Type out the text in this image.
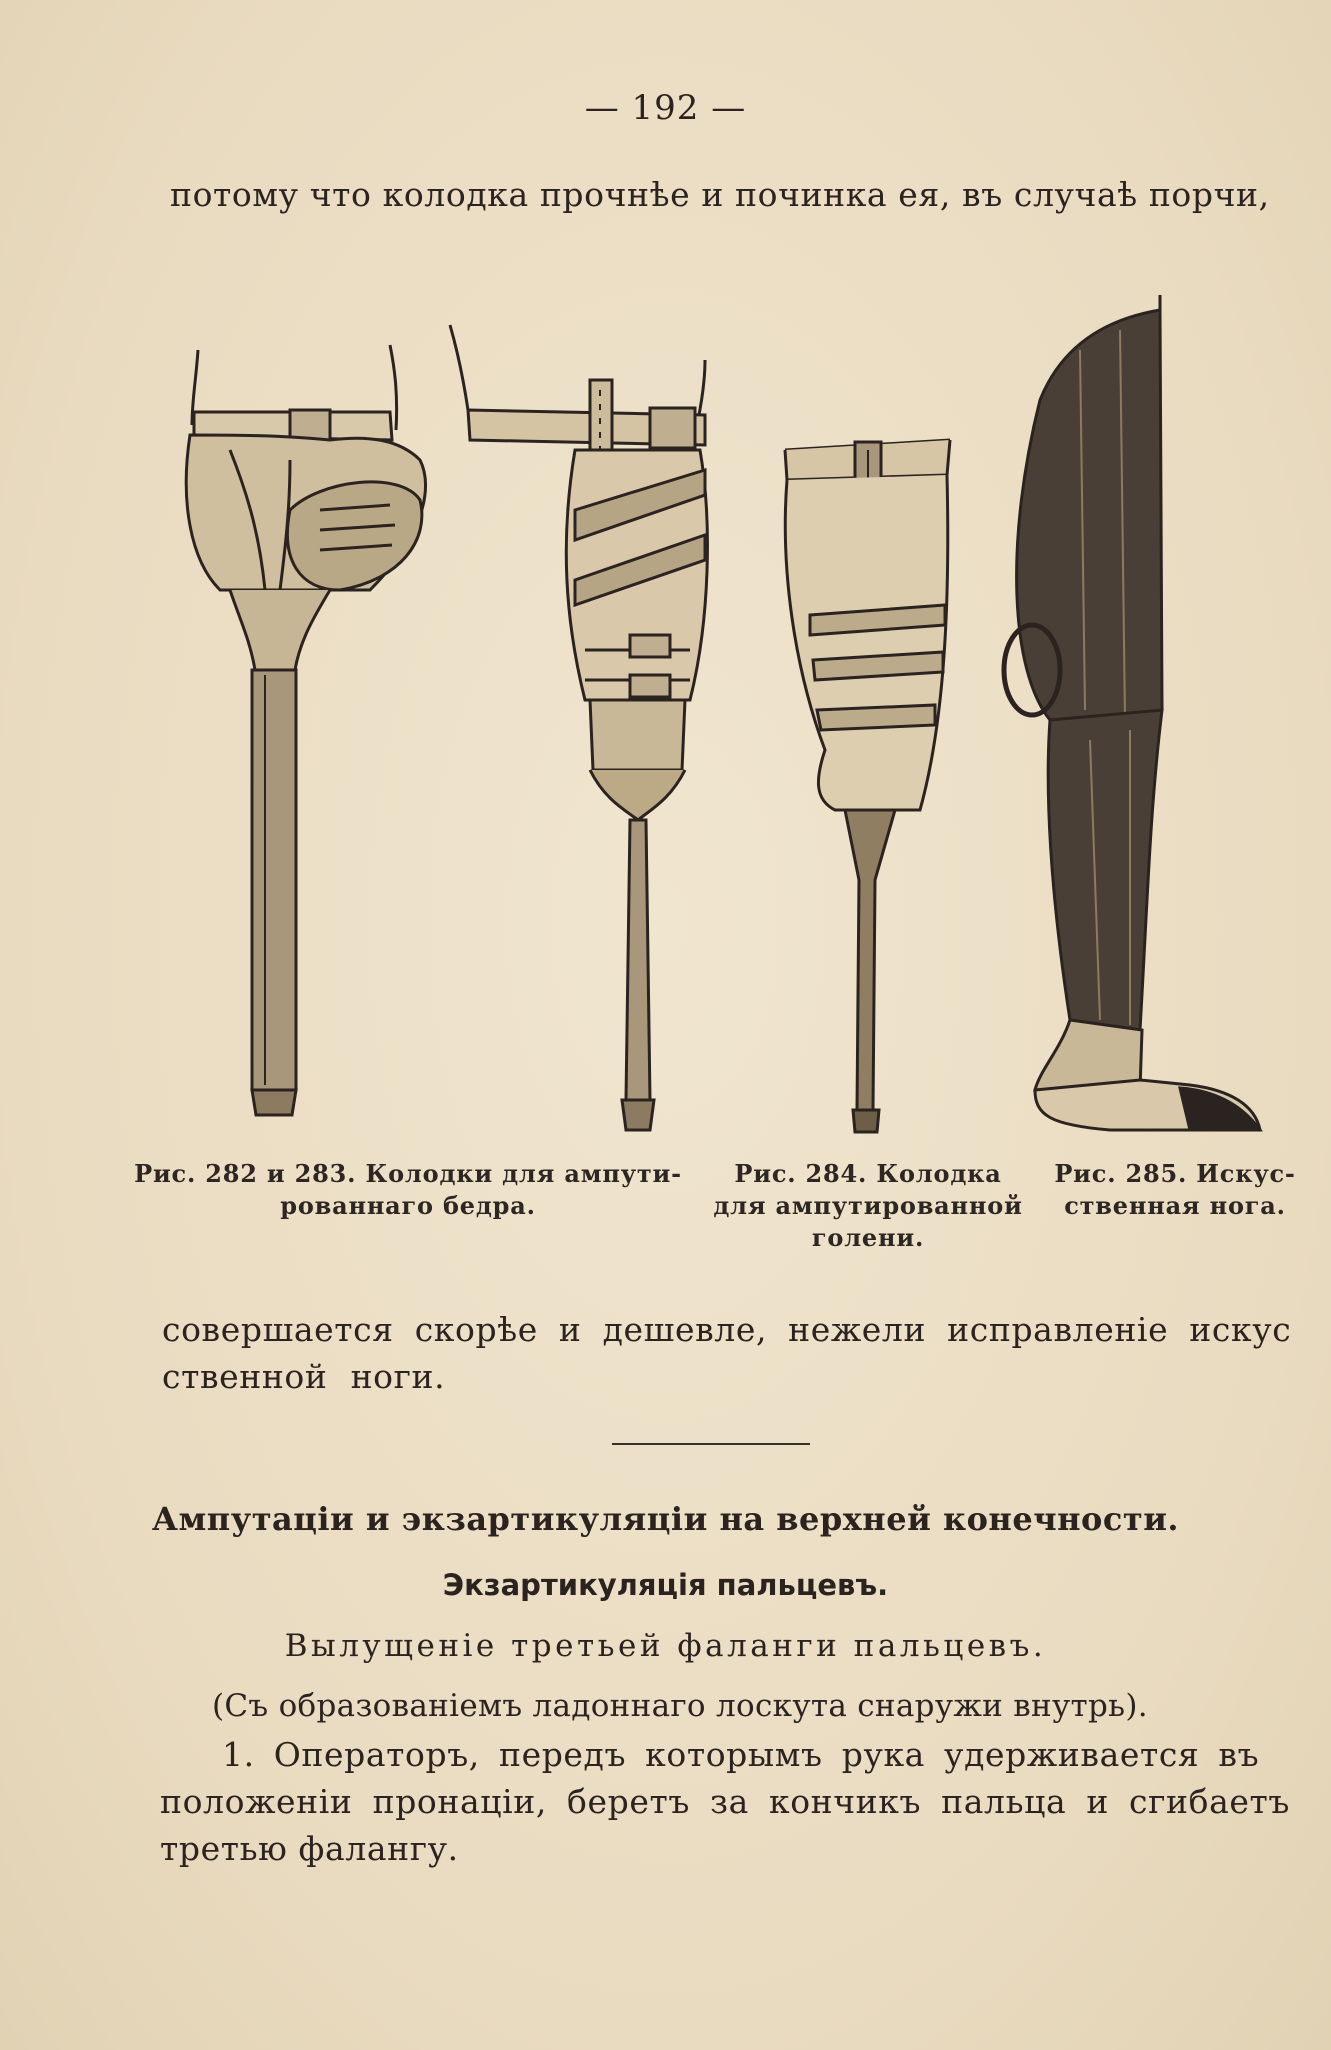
— 192 —
потому что колодка прочнѣе и починка ея, въ случаѣ порчи,
Рис. 282 и 283. Колодки для ампути-
рованнаго бедра.
Рис. 284. Колодка
для ампутированной
голени.
Рис. 285. Искус-
ственная нога.
совершается скорѣе и дешевле, нежели исправленіе искус
ственной ноги.
Ампутаціи и экзартикуляціи на верхней конечности.
Экзартикуляція пальцевъ.
Вылущеніе третьей фаланги пальцевъ.
(Съ образованіемъ ладоннаго лоскута снаружи внутрь).
1. Операторъ, передъ которымъ рука удерживается въ
положеніи пронаціи, беретъ за кончикъ пальца и сгибаетъ
третью фалангу.
